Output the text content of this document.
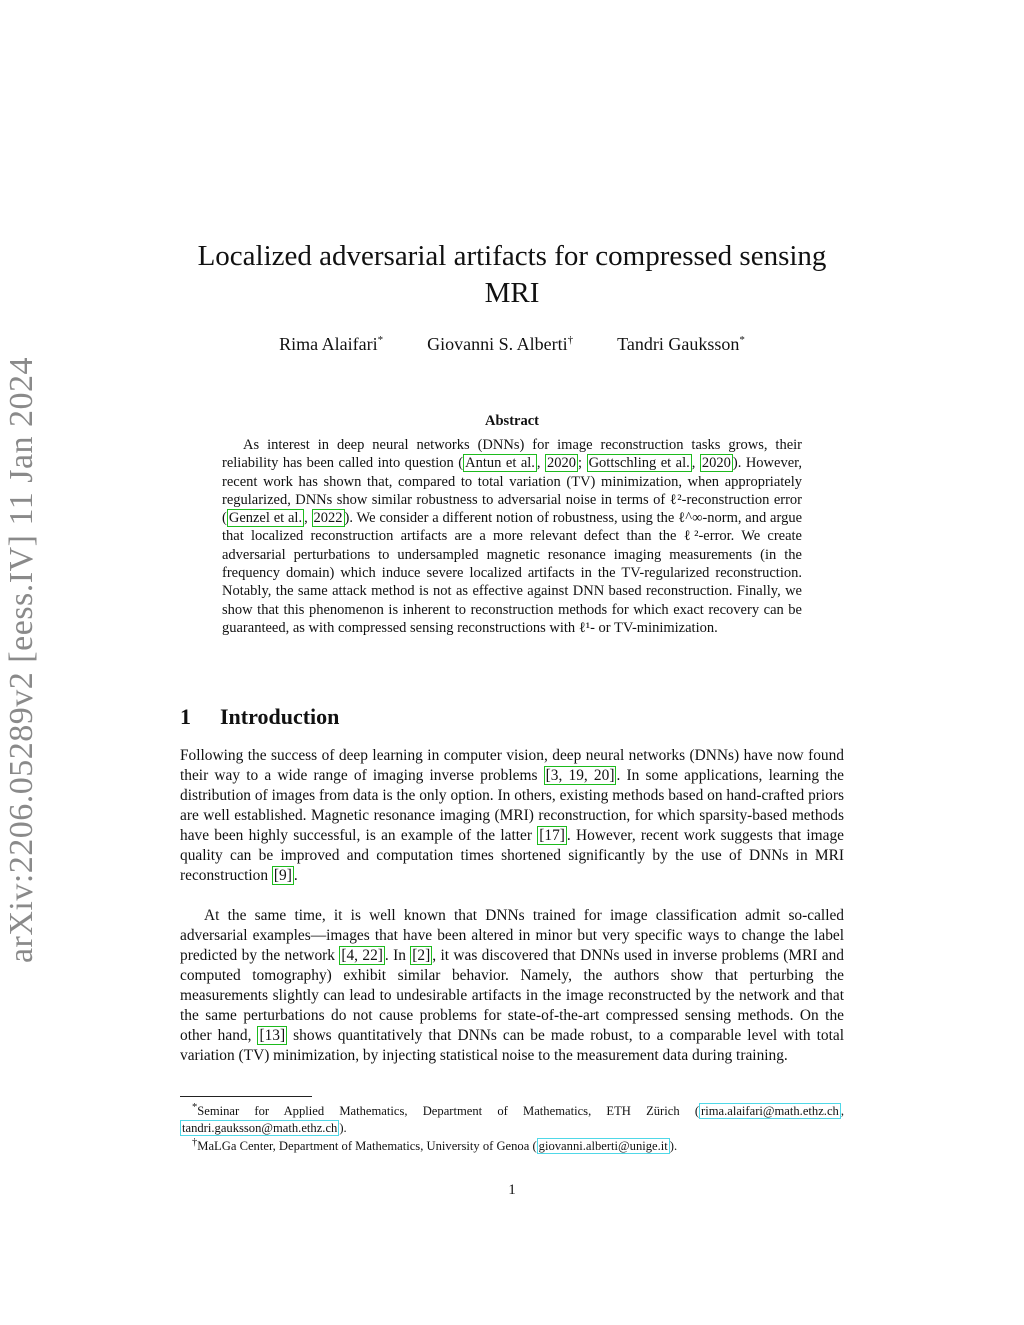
arXiv:2206.05289v2 [eess.IV] 11 Jan 2024
Localized adversarial artifacts for compressed sensing
MRI
Rima Alaifari* Giovanni S. Alberti† Tandri Gauksson*
Abstract

As interest in deep neural networks (DNNs) for image reconstruction tasks grows, their reliability has been called into question ( Antun et al. , 2020 ; Gottschling et al. , 2020 ). However, recent work has shown that, compared to total variation (TV) minimization, when appropriately regularized, DNNs show similar robustness to adversarial noise in terms of ℓ²-reconstruction error ( Genzel et al. , 2022 ). We consider a different notion of robustness, using the ℓ^∞-norm, and argue that localized reconstruction artifacts are a more relevant defect than the ℓ²-error. We create adversarial perturbations to undersampled magnetic resonance imaging measurements (in the frequency domain) which induce severe localized artifacts in the TV-regularized reconstruction. Notably, the same attack method is not as effective against DNN based reconstruction. Finally, we show that this phenomenon is inherent to reconstruction methods for which exact recovery can be guaranteed, as with compressed sensing reconstructions with ℓ¹- or TV-minimization.

1 Introduction

Following the success of deep learning in computer vision, deep neural networks (DNNs) have now found their way to a wide range of imaging inverse problems [3, 19, 20] . In some applications, learning the distribution of images from data is the only option. In others, existing methods based on hand-crafted priors are well established. Magnetic resonance imaging (MRI) reconstruction, for which sparsity-based methods have been highly successful, is an example of the latter [17] . However, recent work suggests that image quality can be improved and computation times shortened significantly by the use of DNNs in MRI reconstruction [9] .

At the same time, it is well known that DNNs trained for image classification admit so-called adversarial examples—images that have been altered in minor but very specific ways to change the label predicted by the network [4, 22] . In [2] , it was discovered that DNNs used in inverse problems (MRI and computed tomography) exhibit similar behavior. Namely, the authors show that perturbing the measurements slightly can lead to undesirable artifacts in the image reconstructed by the network and that the same perturbations do not cause problems for state-of-the-art compressed sensing methods. On the other hand, [13] shows quantitatively that DNNs can be made robust, to a comparable level with total variation (TV) minimization, by injecting statistical noise to the measurement data during training.

*Seminar for Applied Mathematics, Department of Mathematics, ETH Zürich ( rima.alaifari@math.ethz.ch , tandri.gauksson@math.ethz.ch ).

†MaLGa Center, Department of Mathematics, University of Genoa ( giovanni.alberti@unige.it ).

1
